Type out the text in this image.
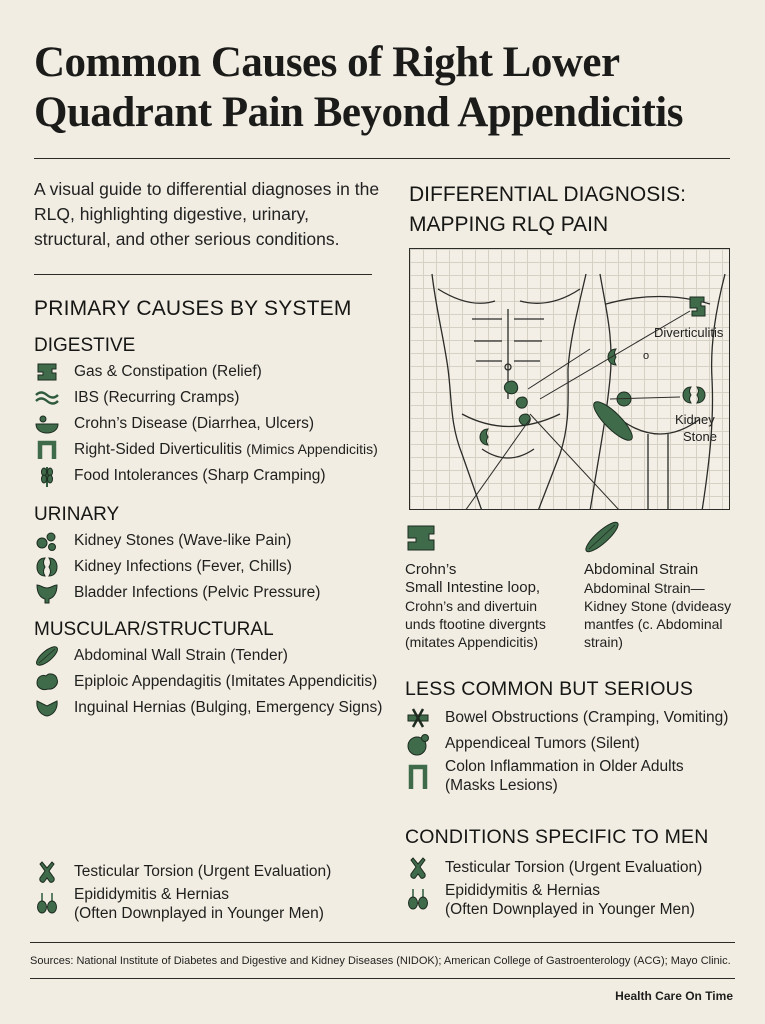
Common Causes of Right Lower Quadrant Pain Beyond Appendicitis
A visual guide to differential diagnoses in the RLQ, highlighting digestive, urinary, structural, and other serious conditions.
PRIMARY CAUSES BY SYSTEM
DIGESTIVE
Gas & Constipation (Relief)
IBS (Recurring Cramps)
Crohn’s Disease (Diarrhea, Ulcers)
Right-Sided Diverticulitis (Mimics Appendicitis)
Food Intolerances (Sharp Cramping)
URINARY
Kidney Stones (Wave-like Pain)
Kidney Infections (Fever, Chills)
Bladder Infections (Pelvic Pressure)
MUSCULAR/STRUCTURAL
Abdominal Wall Strain (Tender)
Epiploic Appendagitis (Imitates Appendicitis)
Inguinal Hernias (Bulging, Emergency Signs)
Testicular Torsion (Urgent Evaluation)
Epididymitis & Hernias
(Often Downplayed in Younger Men)
DIFFERENTIAL DIAGNOSIS:
MAPPING RLQ PAIN
Diverticulitis
o
Kidney
Stone
Crohn’s
Small Intestine loop,
Crohn’s and divertuin
unds ftootine divergnts
(mitates Appendicitis)
Abdominal Strain
Abdominal Strain—
Kidney Stone (dvideasy
mantfes (c. Abdominal
strain)
LESS COMMON BUT SERIOUS
Bowel Obstructions (Cramping, Vomiting)
Appendiceal Tumors (Silent)
Colon Inflammation in Older Adults
(Masks Lesions)
CONDITIONS SPECIFIC TO MEN
Testicular Torsion (Urgent Evaluation)
Epididymitis & Hernias
(Often Downplayed in Younger Men)
Sources: National Institute of Diabetes and Digestive and Kidney Diseases (NIDOK); American College of Gastroenterology (ACG); Mayo Clinic.
Health Care On Time
